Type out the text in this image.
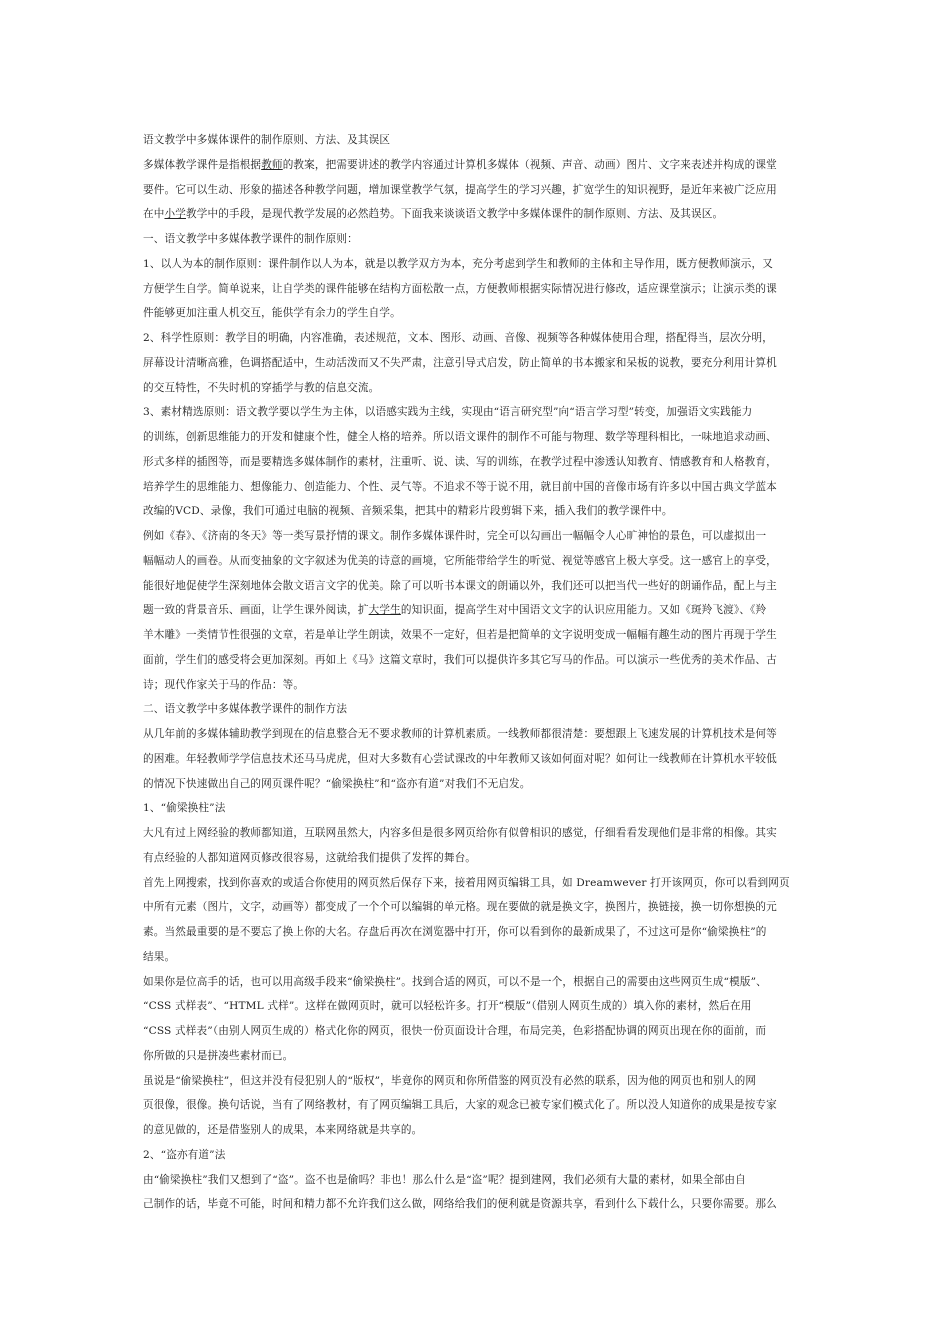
语文教学中多媒体课件的制作原则、方法、及其误区
多媒体教学课件是指根据教师的教案，把需要讲述的教学内容通过计算机多媒体（视频、声音、动画）图片、文字来表述并构成的课堂
要件。它可以生动、形象的描述各种教学问题，增加课堂教学气氛，提高学生的学习兴趣，扩宽学生的知识视野，是近年来被广泛应用
在中小学教学中的手段，是现代教学发展的必然趋势。下面我来谈谈语文教学中多媒体课件的制作原则、方法、及其误区。
一、语文教学中多媒体教学课件的制作原则：
1、以人为本的制作原则：课件制作以人为本，就是以教学双方为本，充分考虑到学生和教师的主体和主导作用，既方便教师演示，又
方便学生自学。简单说来，让自学类的课件能够在结构方面松散一点，方便教师根据实际情况进行修改，适应课堂演示；让演示类的课
件能够更加注重人机交互，能供学有余力的学生自学。
2、科学性原则：教学目的明确，内容准确，表述规范，文本、图形、动画、音像、视频等各种媒体使用合理，搭配得当，层次分明，
屏幕设计清晰高雅，色调搭配适中，生动活泼而又不失严肃，注意引导式启发，防止简单的书本搬家和呆板的说教，要充分利用计算机
的交互特性，不失时机的穿插学与教的信息交流。
3、素材精选原则：语文教学要以学生为主体，以语感实践为主线，实现由“语言研究型”向“语言学习型”转变，加强语文实践能力
的训练，创新思维能力的开发和健康个性，健全人格的培养。所以语文课件的制作不可能与物理、数学等理科相比，一味地追求动画、
形式多样的插图等，而是要精选多媒体制作的素材，注重听、说、读、写的训练，在教学过程中渗透认知教育、情感教育和人格教育，
培养学生的思维能力、想像能力、创造能力、个性、灵气等。不追求不等于说不用，就目前中国的音像市场有许多以中国古典文学蓝本
改编的VCD、录像，我们可通过电脑的视频、音频采集，把其中的精彩片段剪辑下来，插入我们的教学课件中。
例如《春》、《济南的冬天》等一类写景抒情的课文。制作多媒体课件时，完全可以勾画出一幅幅令人心旷神怡的景色，可以虚拟出一
幅幅动人的画卷。从而变抽象的文字叙述为优美的诗意的画境，它所能带给学生的听觉、视觉等感官上极大享受。这一感官上的享受，
能很好地促使学生深刻地体会散文语言文字的优美。除了可以听书本课文的朗诵以外，我们还可以把当代一些好的朗诵作品，配上与主
题一致的背景音乐、画面，让学生课外阅读，扩大学生的知识面，提高学生对中国语文文字的认识应用能力。又如《斑羚飞渡》、《羚
羊木雕》一类情节性很强的文章，若是单让学生朗读，效果不一定好，但若是把简单的文字说明变成一幅幅有趣生动的图片再现于学生
面前，学生们的感受将会更加深刻。再如上《马》这篇文章时，我们可以提供许多其它写马的作品。可以演示一些优秀的美术作品、古
诗；现代作家关于马的作品：等。
二、语文教学中多媒体教学课件的制作方法
从几年前的多媒体辅助教学到现在的信息整合无不要求教师的计算机素质。一线教师都很清楚：要想跟上飞速发展的计算机技术是何等
的困难。年轻教师学学信息技术还马马虎虎，但对大多数有心尝试课改的中年教师又该如何面对呢？如何让一线教师在计算机水平较低
的情况下快速做出自己的网页课件呢？“偷梁换柱”和“盗亦有道”对我们不无启发。
1、“偷梁换柱”法
大凡有过上网经验的教师都知道，互联网虽然大，内容多但是很多网页给你有似曾相识的感觉，仔细看看发现他们是非常的相像。其实
有点经验的人都知道网页修改很容易，这就给我们提供了发挥的舞台。
首先上网搜索，找到你喜欢的或适合你使用的网页然后保存下来，接着用网页编辑工具，如 Dreamwever 打开该网页，你可以看到网页
中所有元素（图片，文字，动画等）都变成了一个个可以编辑的单元格。现在要做的就是换文字，换图片，换链接，换一切你想换的元
素。当然最重要的是不要忘了换上你的大名。存盘后再次在浏览器中打开，你可以看到你的最新成果了，不过这可是你“偷梁换柱”的
结果。
如果你是位高手的话，也可以用高级手段来“偷梁换柱”。找到合适的网页，可以不是一个，根据自己的需要由这些网页生成“模版”、
“CSS 式样表”、“HTML 式样”。这样在做网页时，就可以轻松许多。打开“模版”（借别人网页生成的）填入你的素材，然后在用
“CSS 式样表”（由别人网页生成的）格式化你的网页，很快一份页面设计合理，布局完美，色彩搭配协调的网页出现在你的面前，而
你所做的只是拼凑些素材而已。
虽说是“偷梁换柱”，但这并没有侵犯别人的“版权”，毕竟你的网页和你所借鉴的网页没有必然的联系，因为他的网页也和别人的网
页很像，很像。换句话说，当有了网络教材，有了网页编辑工具后，大家的观念已被专家们模式化了。所以没人知道你的成果是按专家
的意见做的，还是借鉴别人的成果，本来网络就是共享的。
2、“盗亦有道”法
由“偷梁换柱”我们又想到了“盗”。盗不也是偷吗？非也！那么什么是“盗”呢？提到建网，我们必须有大量的素材，如果全部由自
己制作的话，毕竟不可能，时间和精力都不允许我们这么做，网络给我们的便利就是资源共享，看到什么下载什么，只要你需要。那么
